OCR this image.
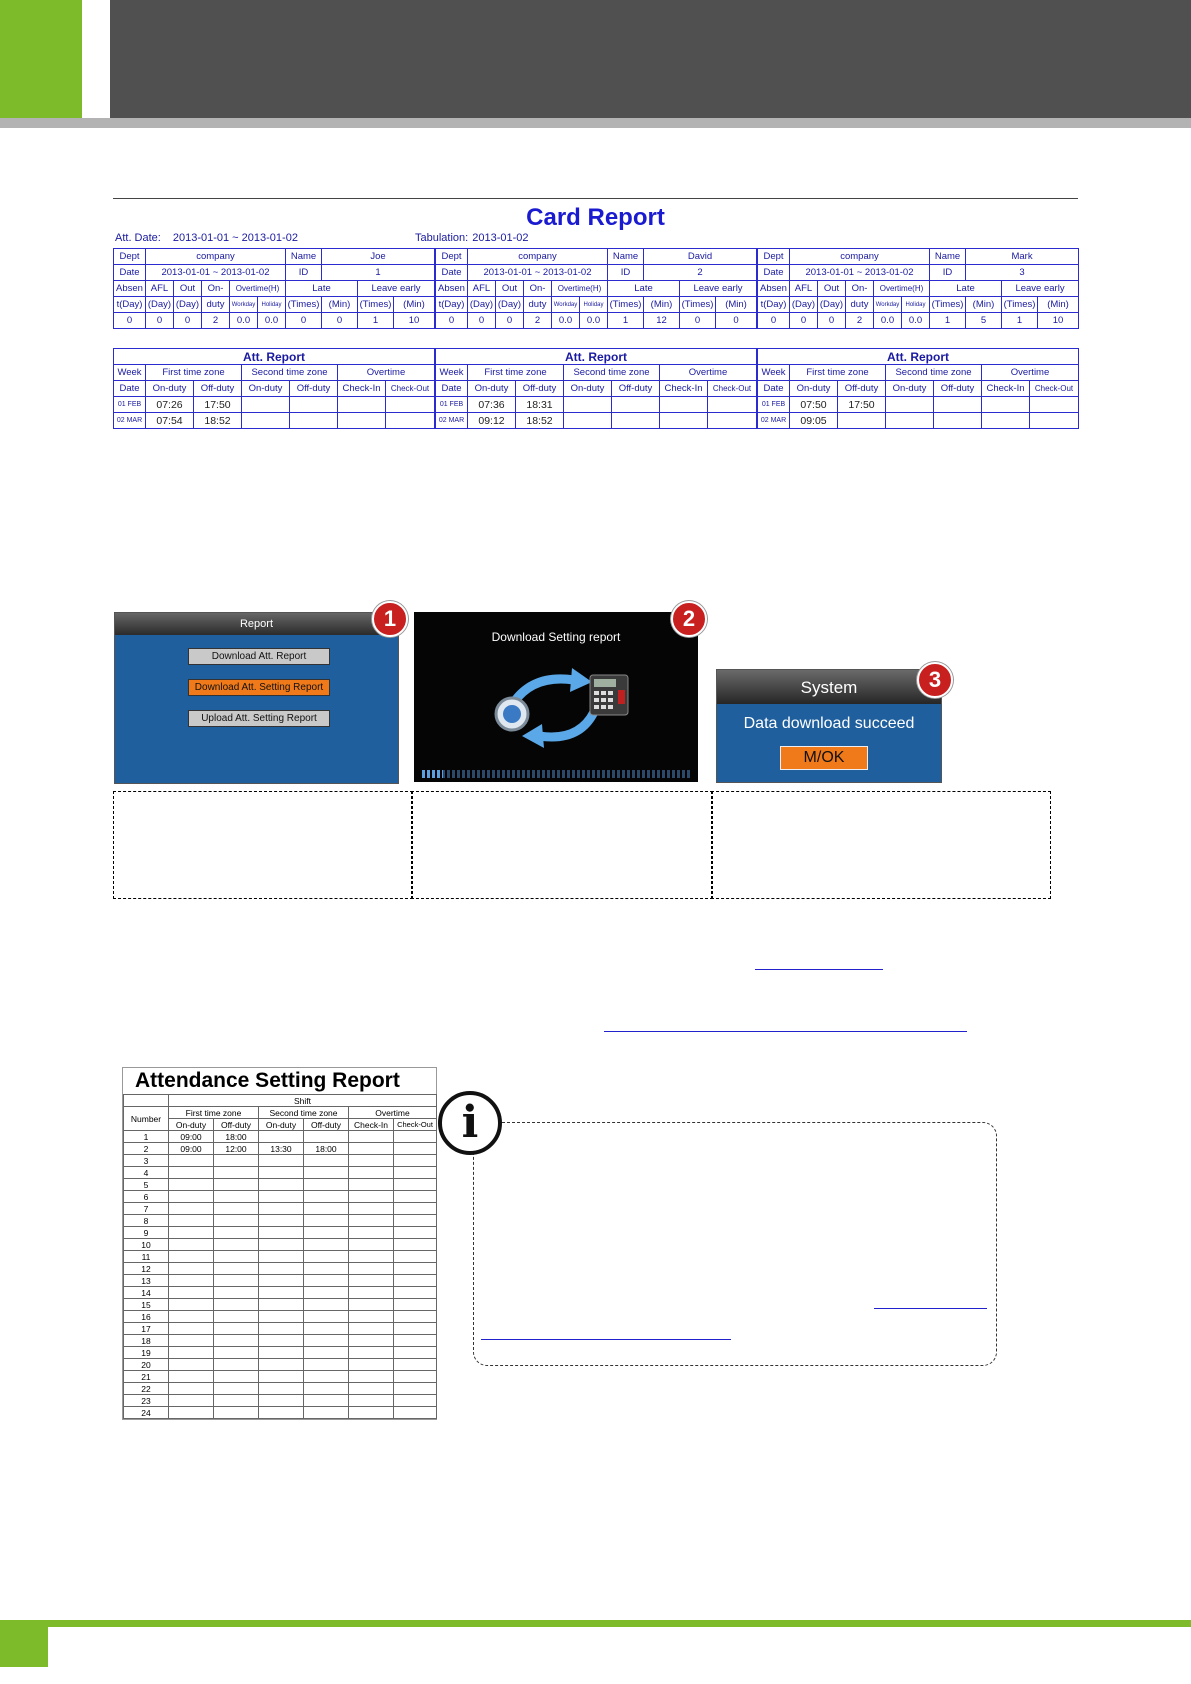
Card Report
Att. Date: 2013-01-01 ~ 2013-01-02	Tabulation: 2013-01-02
Dept	company					Name	Joe		
Date	2013-01-01 ~ 2013-01-02					ID	1		
Absen	AFL	Out	On-	Overtime(H)		Late		Leave early	
t(Day)	(Day)	(Day)	duty	Workday	Holiday	(Times)	(Min)	(Times)	(Min)
0	0	0	2	0.0	0.0	0	0	1	10
Att. Report						
Week	First time zone		Second time zone		Overtime	
Date	On-duty	Off-duty	On-duty	Off-duty	Check-In	Check-Out
01 FEB	07:26	17:50				
02 MAR	07:54	18:52				
Dept	company					Name	David		
Date	2013-01-01 ~ 2013-01-02					ID	2		
Absen	AFL	Out	On-	Overtime(H)		Late		Leave early	
t(Day)	(Day)	(Day)	duty	Workday	Holiday	(Times)	(Min)	(Times)	(Min)
0	0	0	2	0.0	0.0	1	12	0	0
Att. Report						
Week	First time zone		Second time zone		Overtime	
Date	On-duty	Off-duty	On-duty	Off-duty	Check-In	Check-Out
01 FEB	07:36	18:31				
02 MAR	09:12	18:52				
Dept	company					Name	Mark		
Date	2013-01-01 ~ 2013-01-02					ID	3		
Absen	AFL	Out	On-	Overtime(H)		Late		Leave early	
t(Day)	(Day)	(Day)	duty	Workday	Holiday	(Times)	(Min)	(Times)	(Min)
0	0	0	2	0.0	0.0	1	5	1	10
Att. Report						
Week	First time zone		Second time zone		Overtime	
Date	On-duty	Off-duty	On-duty	Off-duty	Check-In	Check-Out
01 FEB	07:50	17:50				
02 MAR	09:05					
Report
Download Att. Report
Download Att. Setting Report
Upload Att. Setting Report
1
Download Setting report
2
System
Data download succeed
M/OK
3
Attendance Setting Report
	Shift					
Number	First time zone		Second time zone		Overtime	
	On-duty	Off-duty	On-duty	Off-duty	Check-In	Check-Out
1	09:00	18:00				
2	09:00	12:00	13:30	18:00		
3						
4						
5						
6						
7						
8						
9						
10						
11						
12						
13						
14						
15						
16						
17						
18						
19						
20						
21						
22						
23						
24						
i
